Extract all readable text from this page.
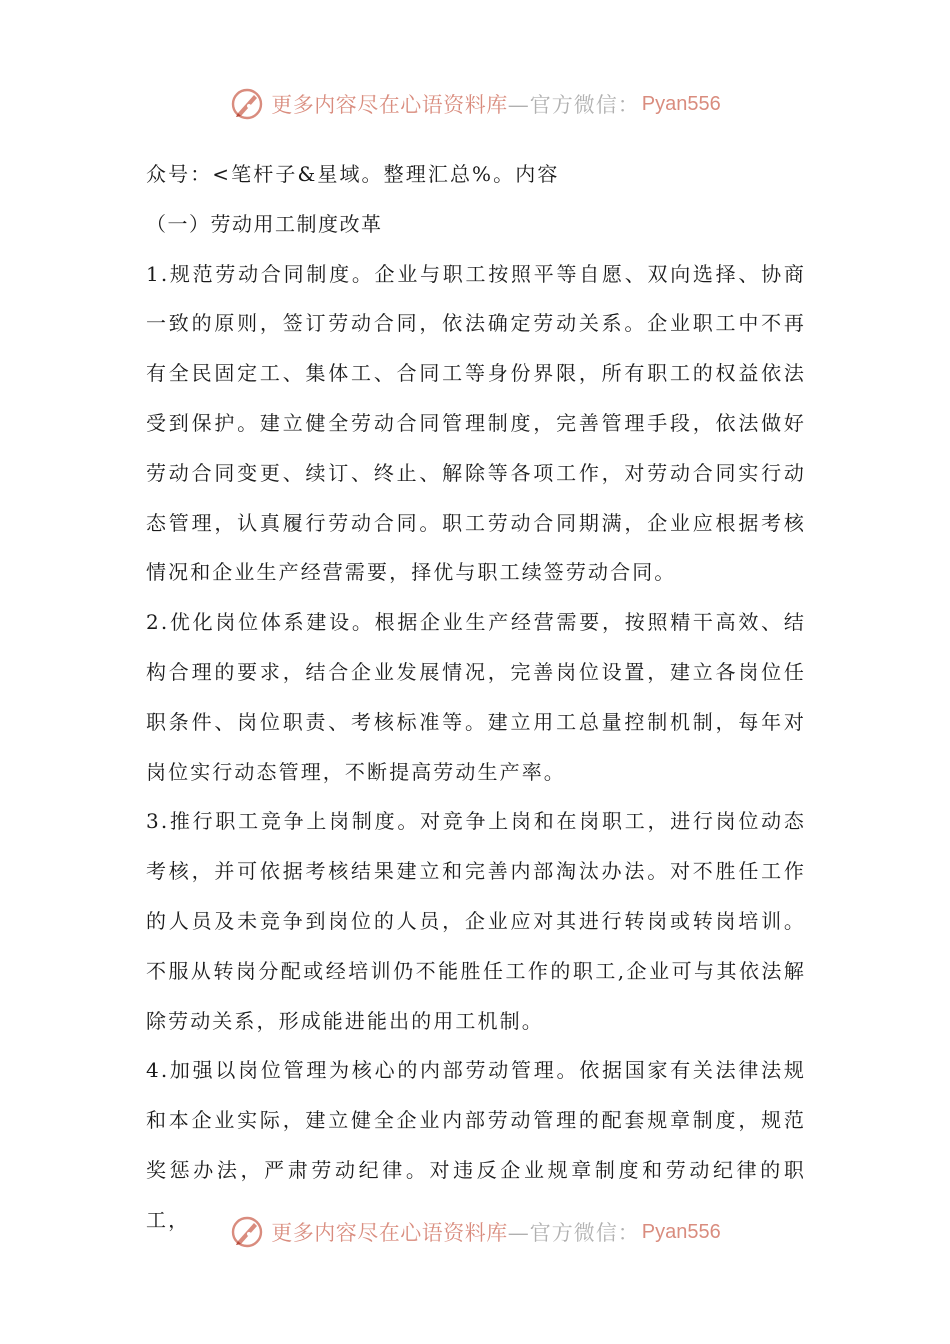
更多内容尽在心语资料库 —官方微信： Pyan556

众号：<笔杆子&星域。整理汇总%。内容

（一）劳动用工制度改革

1.规范劳动合同制度。企业与职工按照平等自愿、双向选择、协商一致的原则，签订劳动合同，依法确定劳动关系。企业职工中不再有全民固定工、集体工、合同工等身份界限，所有职工的权益依法受到保护。建立健全劳动合同管理制度，完善管理手段，依法做好劳动合同变更、续订、终止、解除等各项工作，对劳动合同实行动态管理，认真履行劳动合同。职工劳动合同期满，企业应根据考核情况和企业生产经营需要，择优与职工续签劳动合同。

2.优化岗位体系建设。根据企业生产经营需要，按照精干高效、结构合理的要求，结合企业发展情况，完善岗位设置，建立各岗位任职条件、岗位职责、考核标准等。建立用工总量控制机制，每年对岗位实行动态管理，不断提高劳动生产率。

3.推行职工竞争上岗制度。对竞争上岗和在岗职工，进行岗位动态考核，并可依据考核结果建立和完善内部淘汰办法。对不胜任工作的人员及未竞争到岗位的人员，企业应对其进行转岗或转岗培训。不服从转岗分配或经培训仍不能胜任工作的职工,企业可与其依法解除劳动关系，形成能进能出的用工机制。

4.加强以岗位管理为核心的内部劳动管理。依据国家有关法律法规和本企业实际，建立健全企业内部劳动管理的配套规章制度，规范奖惩办法，严肃劳动纪律。对违反企业规章制度和劳动纪律的职工，

更多内容尽在心语资料库 —官方微信： Pyan556
